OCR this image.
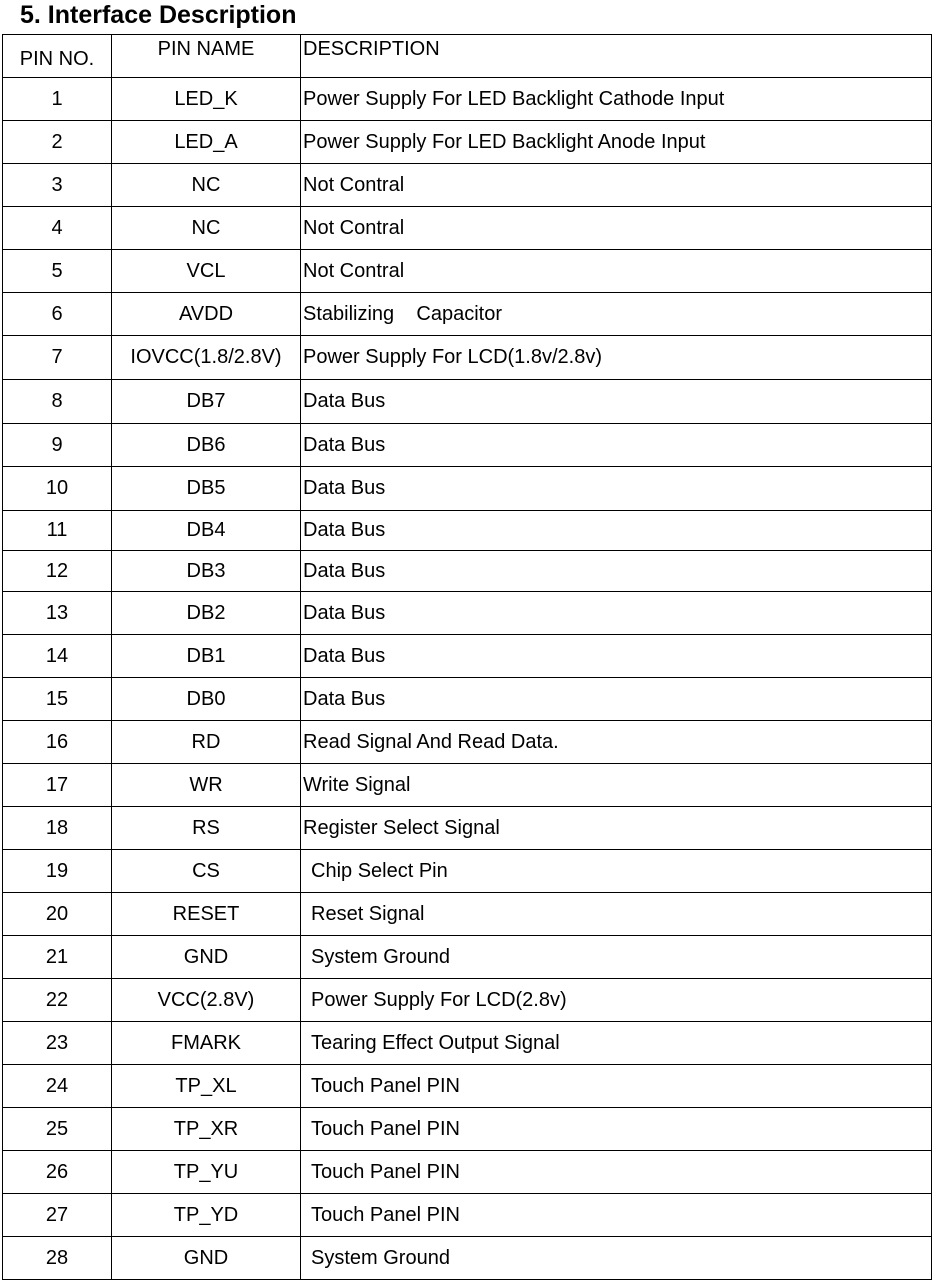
5. Interface Description
PIN NO.	PIN NAME	DESCRIPTION
1	LED_K	Power Supply For LED Backlight Cathode Input
2	LED_A	Power Supply For LED Backlight Anode Input
3	NC	Not Contral
4	NC	Not Contral
5	VCL	Not Contral
6	AVDD	Stabilizing    Capacitor
7	IOVCC(1.8/2.8V)	Power Supply For LCD(1.8v/2.8v)
8	DB7	Data Bus
9	DB6	Data Bus
10	DB5	Data Bus
11	DB4	Data Bus
12	DB3	Data Bus
13	DB2	Data Bus
14	DB1	Data Bus
15	DB0	Data Bus
16	RD	Read Signal And Read Data.
17	WR	Write Signal
18	RS	Register Select Signal
19	CS	Chip Select Pin
20	RESET	Reset Signal
21	GND	System Ground
22	VCC(2.8V)	Power Supply For LCD(2.8v)
23	FMARK	Tearing Effect Output Signal
24	TP_XL	Touch Panel PIN
25	TP_XR	Touch Panel PIN
26	TP_YU	Touch Panel PIN
27	TP_YD	Touch Panel PIN
28	GND	System Ground
